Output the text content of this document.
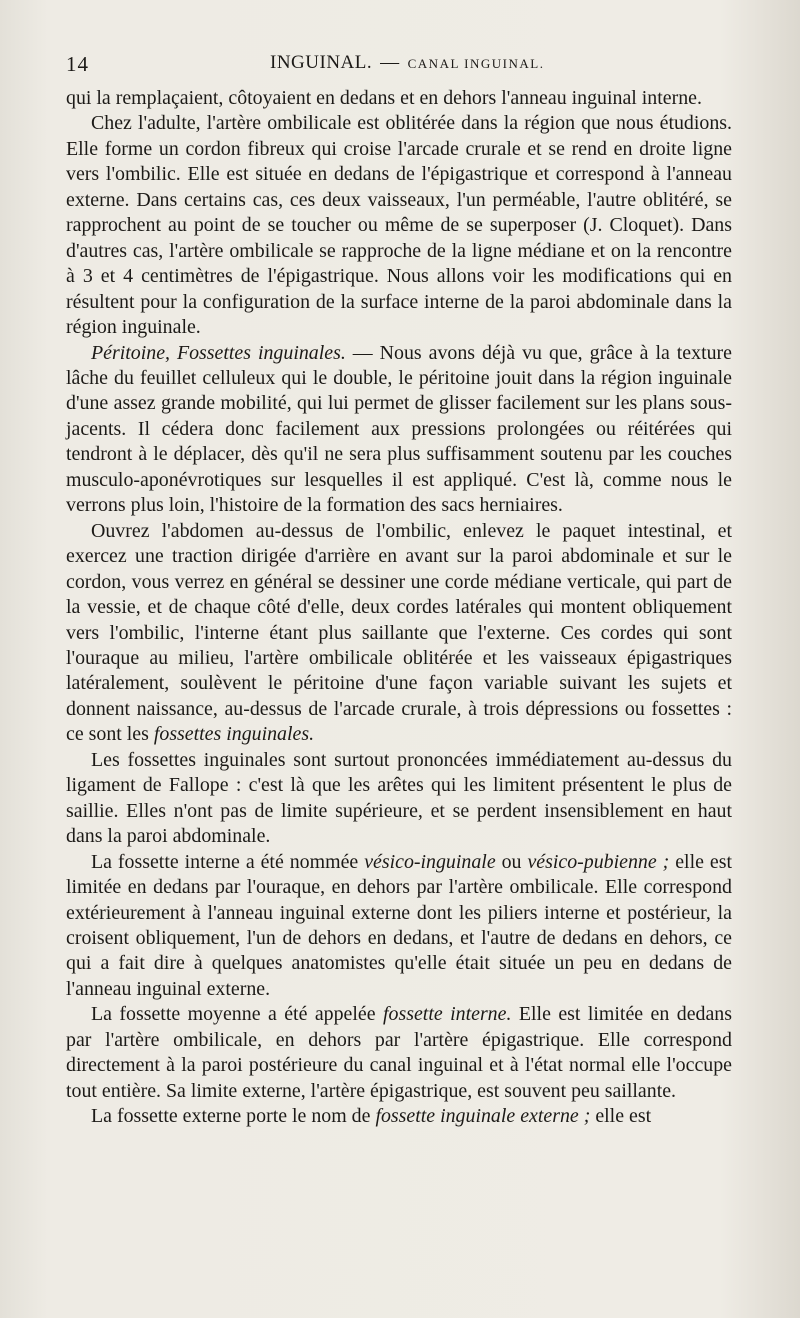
14	INGUINAL. — CANAL INGUINAL.

qui la remplaçaient, côtoyaient en dedans et en dehors l'anneau inguinal interne.

Chez l'adulte, l'artère ombilicale est oblitérée dans la région que nous étudions. Elle forme un cordon fibreux qui croise l'arcade crurale et se rend en droite ligne vers l'ombilic. Elle est située en dedans de l'épigastrique et correspond à l'anneau externe. Dans certains cas, ces deux vaisseaux, l'un perméable, l'autre oblitéré, se rapprochent au point de se toucher ou même de se superposer (J. Cloquet). Dans d'autres cas, l'artère ombilicale se rapproche de la ligne médiane et on la rencontre à 3 et 4 centimètres de l'épigastrique. Nous allons voir les modifications qui en résultent pour la configuration de la surface interne de la paroi abdominale dans la région inguinale.

Péritoine, Fossettes inguinales. — Nous avons déjà vu que, grâce à la texture lâche du feuillet celluleux qui le double, le péritoine jouit dans la région inguinale d'une assez grande mobilité, qui lui permet de glisser facilement sur les plans sous-jacents. Il cédera donc facilement aux pressions prolongées ou réitérées qui tendront à le déplacer, dès qu'il ne sera plus suffisamment soutenu par les couches musculo-aponévrotiques sur lesquelles il est appliqué. C'est là, comme nous le verrons plus loin, l'histoire de la formation des sacs herniaires.

Ouvrez l'abdomen au-dessus de l'ombilic, enlevez le paquet intestinal, et exercez une traction dirigée d'arrière en avant sur la paroi abdominale et sur le cordon, vous verrez en général se dessiner une corde médiane verticale, qui part de la vessie, et de chaque côté d'elle, deux cordes latérales qui montent obliquement vers l'ombilic, l'interne étant plus saillante que l'externe. Ces cordes qui sont l'ouraque au milieu, l'artère ombilicale oblitérée et les vaisseaux épigastriques latéralement, soulèvent le péritoine d'une façon variable suivant les sujets et donnent naissance, au-dessus de l'arcade crurale, à trois dépressions ou fossettes : ce sont les fossettes inguinales.

Les fossettes inguinales sont surtout prononcées immédiatement au-dessus du ligament de Fallope : c'est là que les arêtes qui les limitent présentent le plus de saillie. Elles n'ont pas de limite supérieure, et se perdent insensiblement en haut dans la paroi abdominale.

La fossette interne a été nommée vésico-inguinale ou vésico-pubienne ; elle est limitée en dedans par l'ouraque, en dehors par l'artère ombilicale. Elle correspond extérieurement à l'anneau inguinal externe dont les piliers interne et postérieur, la croisent obliquement, l'un de dehors en dedans, et l'autre de dedans en dehors, ce qui a fait dire à quelques anatomistes qu'elle était située un peu en dedans de l'anneau inguinal externe.

La fossette moyenne a été appelée fossette interne. Elle est limitée en dedans par l'artère ombilicale, en dehors par l'artère épigastrique. Elle correspond directement à la paroi postérieure du canal inguinal et à l'état normal elle l'occupe tout entière. Sa limite externe, l'artère épigastrique, est souvent peu saillante.

La fossette externe porte le nom de fossette inguinale externe ; elle est
